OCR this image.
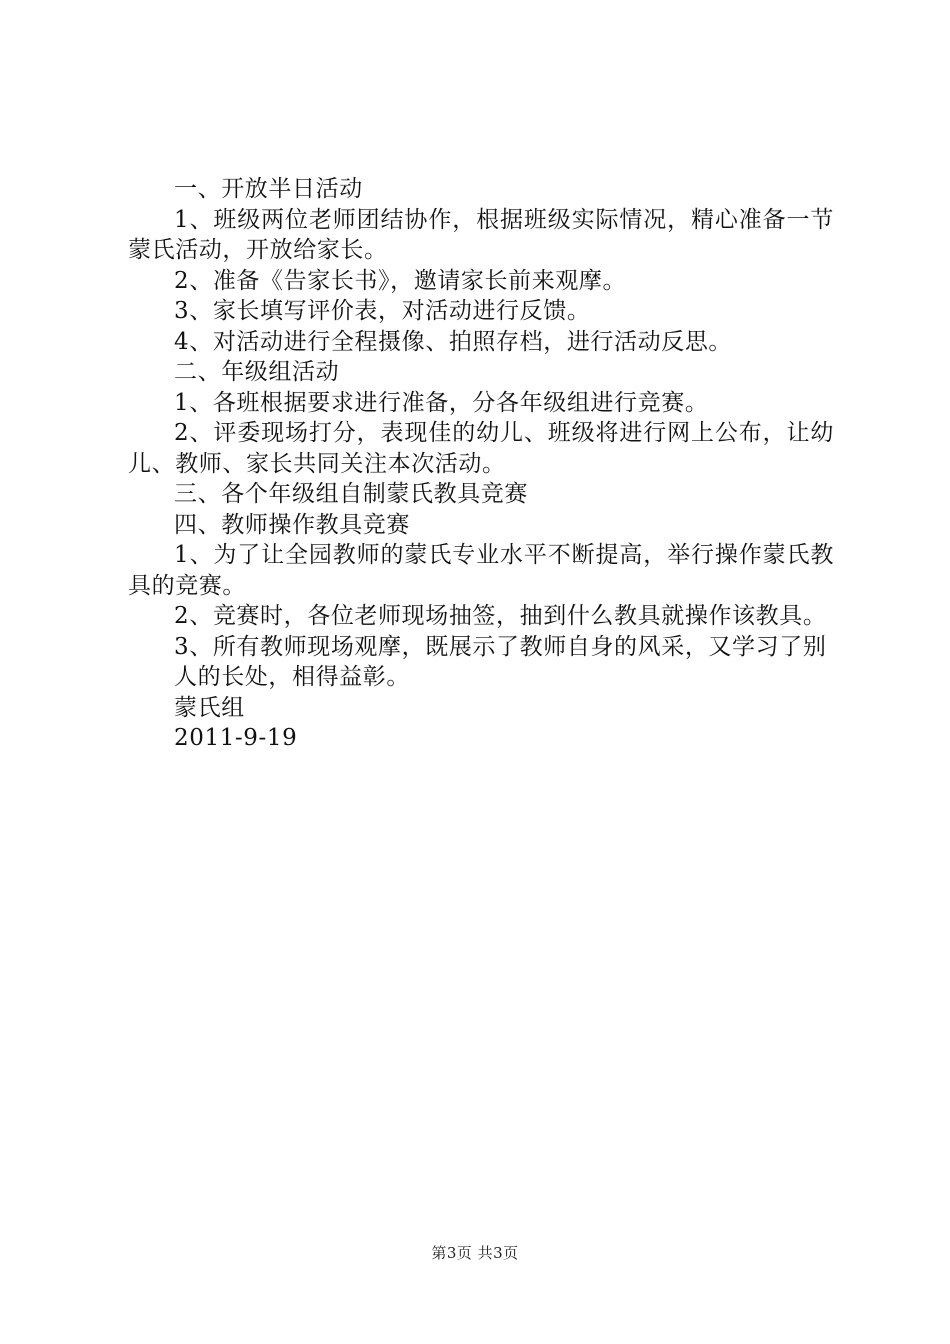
一、开放半日活动

1、班级两位老师团结协作，根据班级实际情况，精心准备一节蒙氏活动，开放给家长。

2、准备《告家长书》，邀请家长前来观摩。

3、家长填写评价表，对活动进行反馈。

4、对活动进行全程摄像、拍照存档，进行活动反思。

二、年级组活动

1、各班根据要求进行准备，分各年级组进行竞赛。

2、评委现场打分，表现佳的幼儿、班级将进行网上公布，让幼儿、教师、家长共同关注本次活动。

三、各个年级组自制蒙氏教具竞赛

四、教师操作教具竞赛

1、为了让全园教师的蒙氏专业水平不断提高，举行操作蒙氏教具的竞赛。

2、竞赛时，各位老师现场抽签，抽到什么教具就操作该教具。

3、所有教师现场观摩，既展示了教师自身的风采，又学习了别

人的长处，相得益彰。

蒙氏组

2011-9-19

第3页 共3页
